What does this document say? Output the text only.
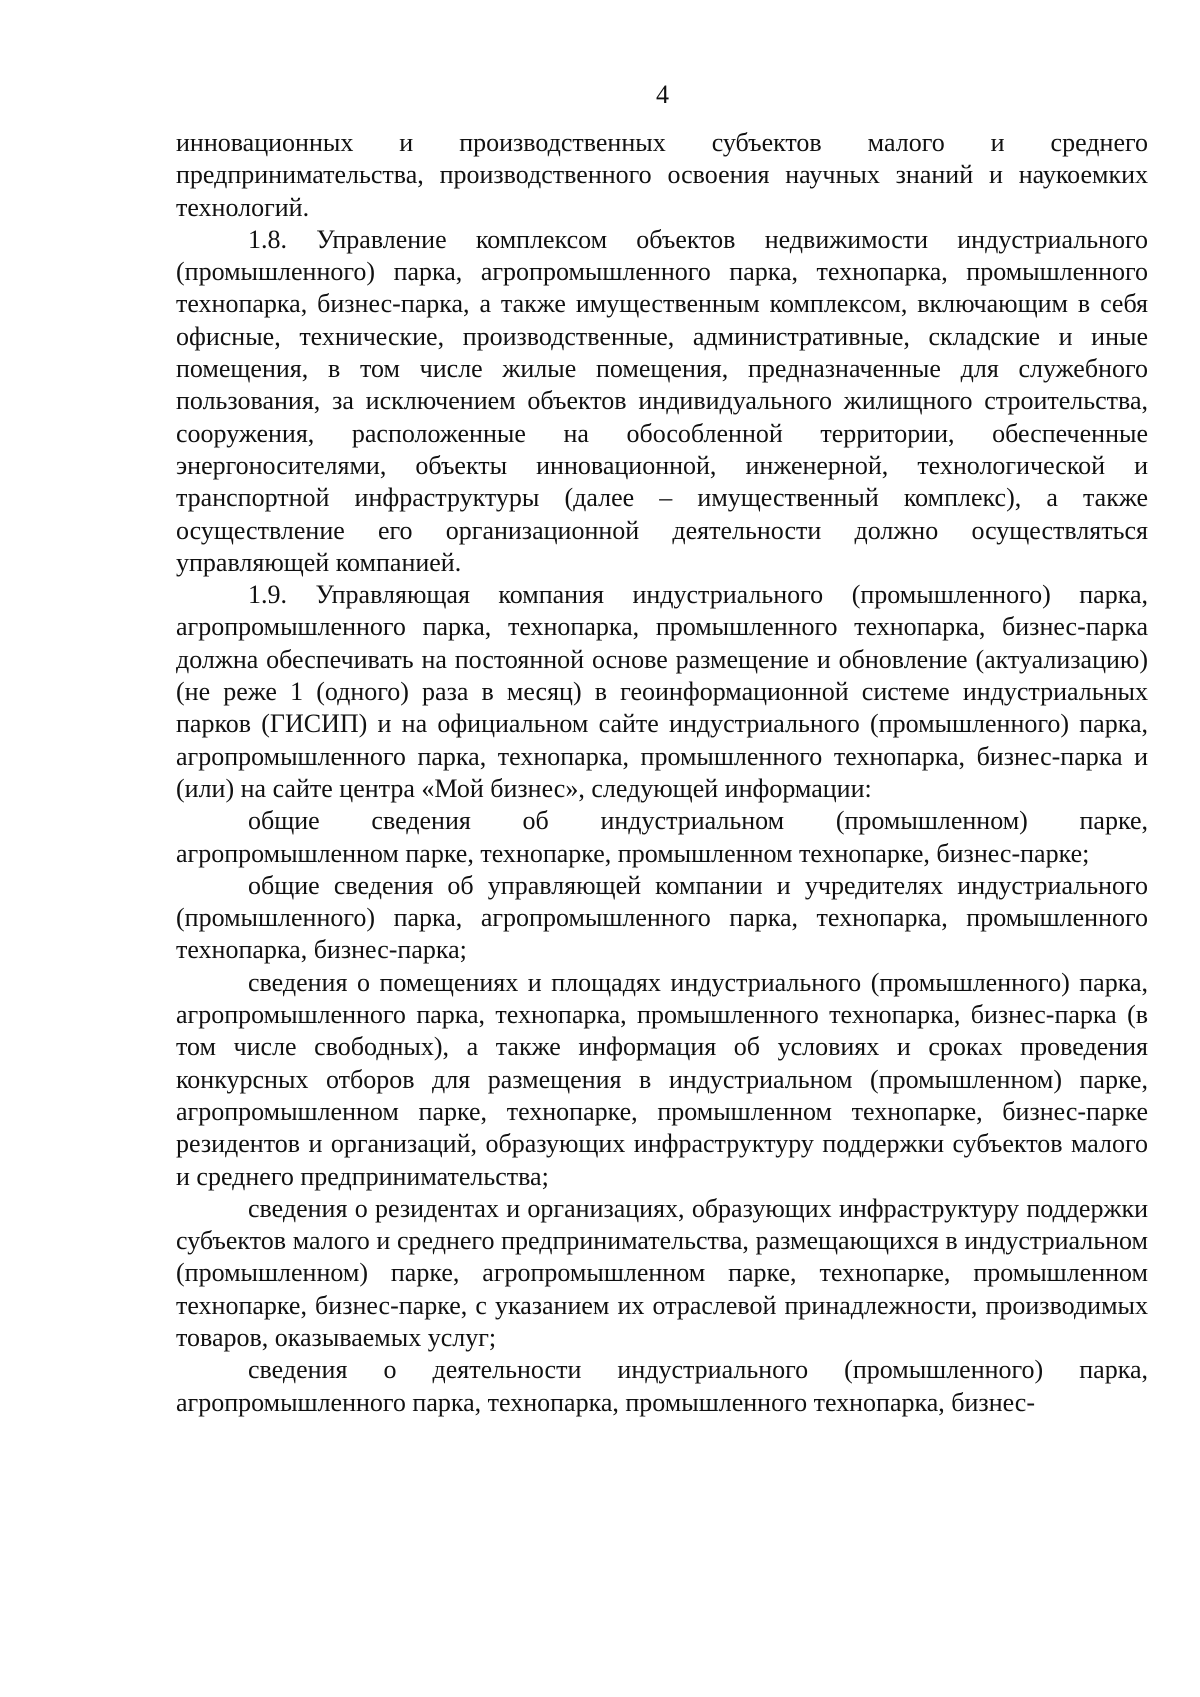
4

инновационных и производственных субъектов малого и среднего предпринимательства, производственного освоения научных знаний и наукоемких технологий.

1.8. Управление комплексом объектов недвижимости индустриального (промышленного) парка, агропромышленного парка, технопарка, промышленного технопарка, бизнес-парка, а также имущественным комплексом, включающим в себя офисные, технические, производственные, административные, складские и иные помещения, в том числе жилые помещения, предназначенные для служебного пользования, за исключением объектов индивидуального жилищного строительства, сооружения, расположенные на обособленной территории, обеспеченные энергоносителями, объекты инновационной, инженерной, технологической и транспортной инфраструктуры (далее – имущественный комплекс), а также осуществление его организационной деятельности должно осуществляться управляющей компанией.

1.9. Управляющая компания индустриального (промышленного) парка, агропромышленного парка, технопарка, промышленного технопарка, бизнес-парка должна обеспечивать на постоянной основе размещение и обновление (актуализацию) (не реже 1 (одного) раза в месяц) в геоинформационной системе индустриальных парков (ГИСИП) и на официальном сайте индустриального (промышленного) парка, агропромышленного парка, технопарка, промышленного технопарка, бизнес-парка и (или) на сайте центра «Мой бизнес», следующей информации:

общие сведения об индустриальном (промышленном) парке, агропромышленном парке, технопарке, промышленном технопарке, бизнес-парке;

общие сведения об управляющей компании и учредителях индустриального (промышленного) парка, агропромышленного парка, технопарка, промышленного технопарка, бизнес-парка;

сведения о помещениях и площадях индустриального (промышленного) парка, агропромышленного парка, технопарка, промышленного технопарка, бизнес-парка (в том числе свободных), а также информация об условиях и сроках проведения конкурсных отборов для размещения в индустриальном (промышленном) парке, агропромышленном парке, технопарке, промышленном технопарке, бизнес-парке резидентов и организаций, образующих инфраструктуру поддержки субъектов малого и среднего предпринимательства;

сведения о резидентах и организациях, образующих инфраструктуру поддержки субъектов малого и среднего предпринимательства, размещающихся в индустриальном (промышленном) парке, агропромышленном парке, технопарке, промышленном технопарке, бизнес-парке, с указанием их отраслевой принадлежности, производимых товаров, оказываемых услуг;

сведения о деятельности индустриального (промышленного) парка, агропромышленного парка, технопарка, промышленного технопарка, бизнес-
